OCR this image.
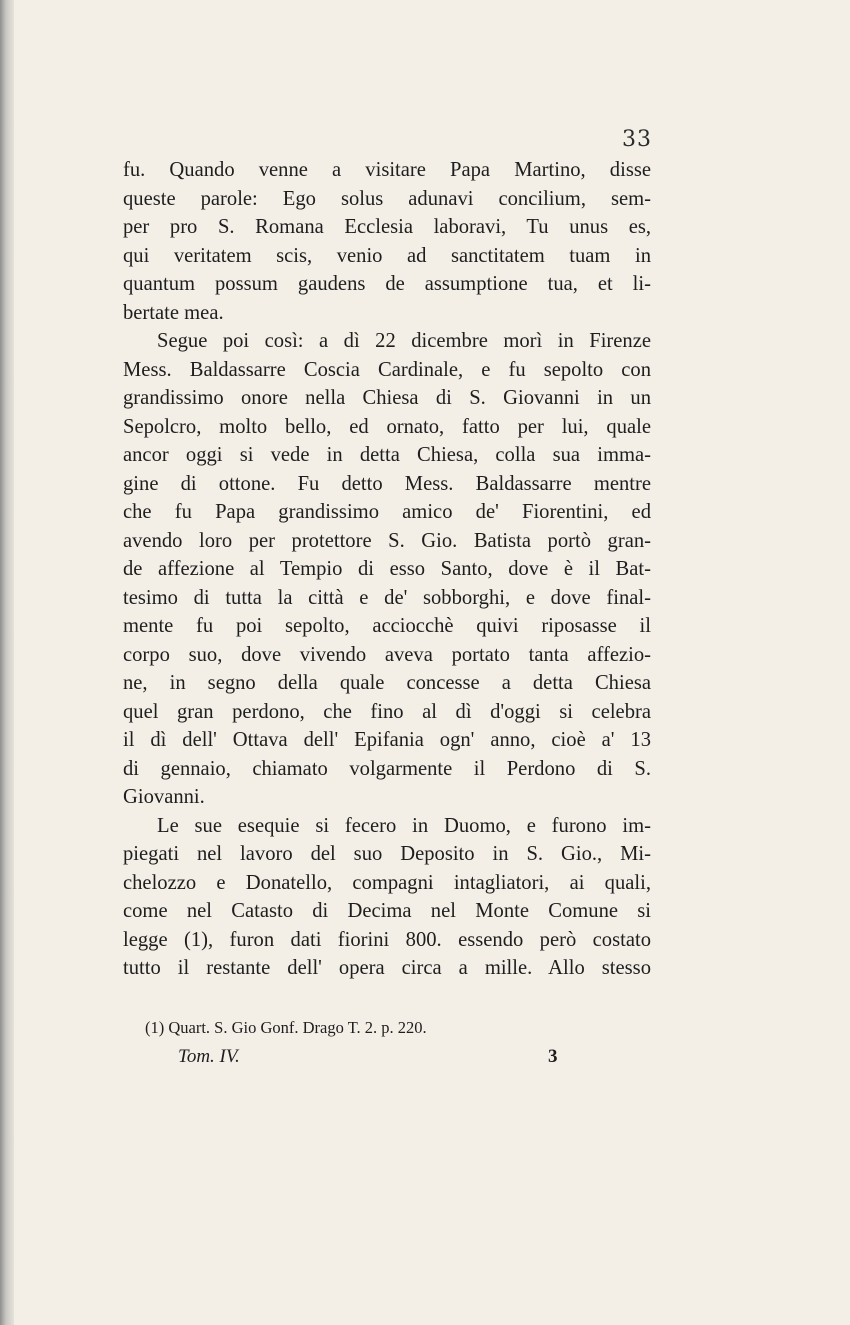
33
fu. Quando venne a visitare Papa Martino, disse
queste parole: Ego solus adunavi concilium, sem-
per pro S. Romana Ecclesia laboravi, Tu unus es,
qui veritatem scis, venio ad sanctitatem tuam in
quantum possum gaudens de assumptione tua, et li-
bertate mea.
Segue poi così: a dì 22 dicembre morì in Firenze
Mess. Baldassarre Coscia Cardinale, e fu sepolto con
grandissimo onore nella Chiesa di S. Giovanni in un
Sepolcro, molto bello, ed ornato, fatto per lui, quale
ancor oggi si vede in detta Chiesa, colla sua imma-
gine di ottone. Fu detto Mess. Baldassarre mentre
che fu Papa grandissimo amico de' Fiorentini, ed
avendo loro per protettore S. Gio. Batista portò gran-
de affezione al Tempio di esso Santo, dove è il Bat-
tesimo di tutta la città e de' sobborghi, e dove final-
mente fu poi sepolto, acciocchè quivi riposasse il
corpo suo, dove vivendo aveva portato tanta affezio-
ne, in segno della quale concesse a detta Chiesa
quel gran perdono, che fino al dì d'oggi si celebra
il dì dell' Ottava dell' Epifania ogn' anno, cioè a' 13
di gennaio, chiamato volgarmente il Perdono di S.
Giovanni.
Le sue esequie si fecero in Duomo, e furono im-
piegati nel lavoro del suo Deposito in S. Gio., Mi-
chelozzo e Donatello, compagni intagliatori, ai quali,
come nel Catasto di Decima nel Monte Comune si
legge (1), furon dati fiorini 800. essendo però costato
tutto il restante dell' opera circa a mille. Allo stesso
(1) Quart. S. Gio Gonf. Drago T. 2. p. 220.
Tom. IV.	3
